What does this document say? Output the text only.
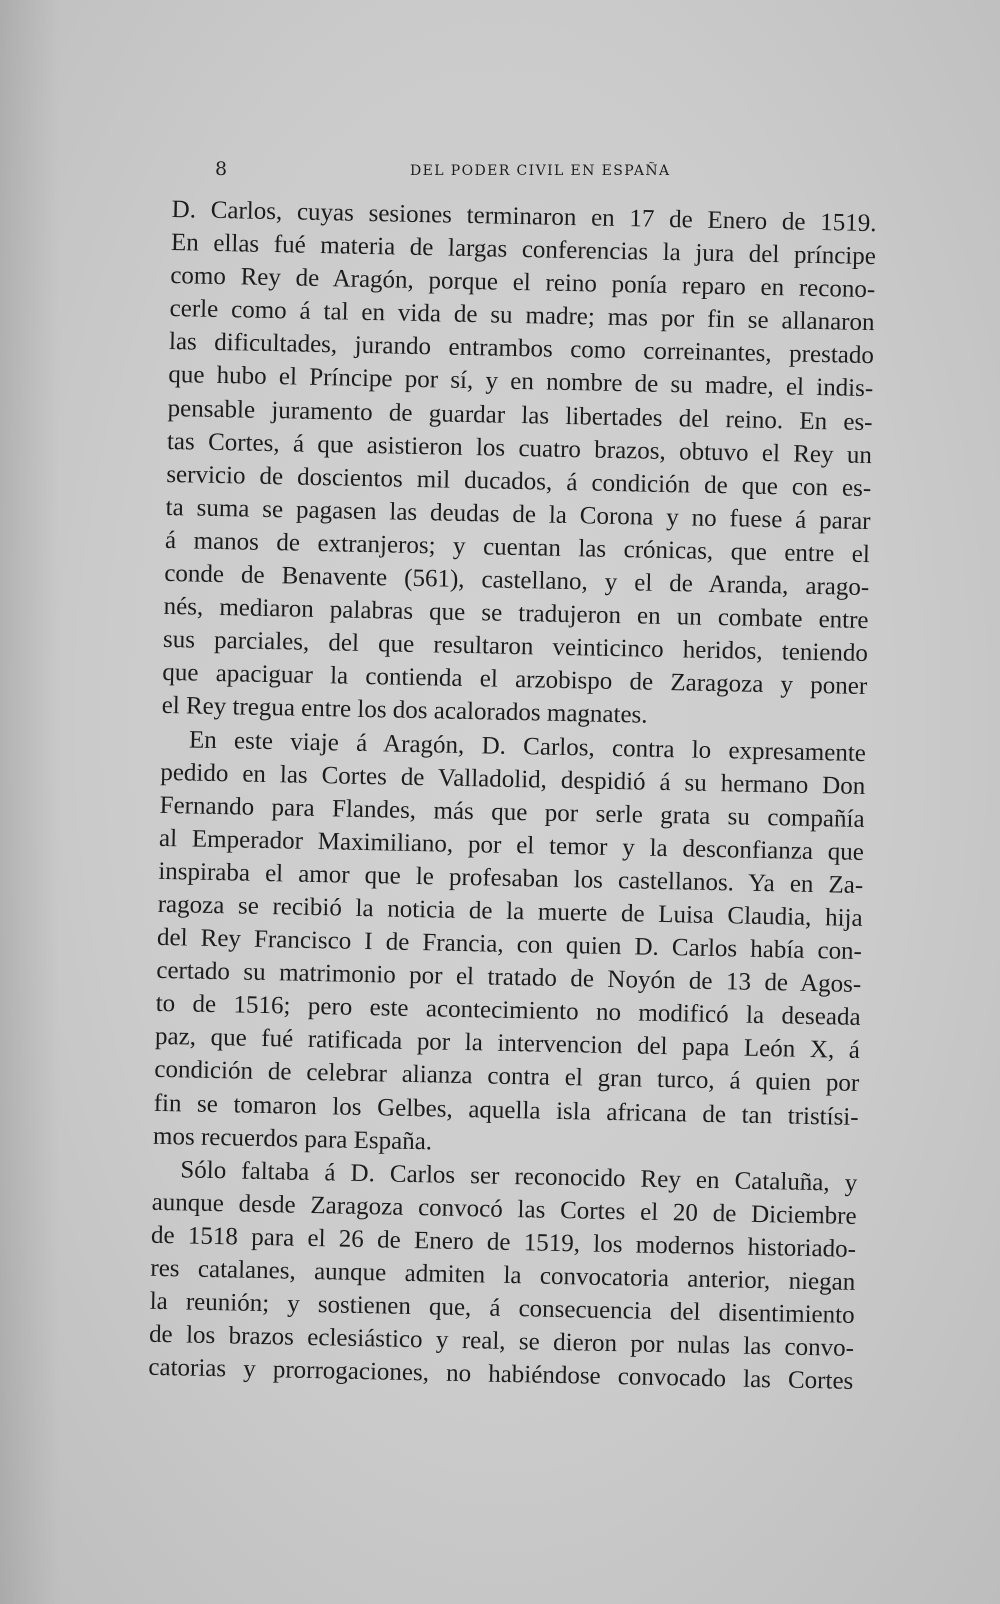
8	DEL PODER CIVIL EN ESPAÑA
D. Carlos, cuyas sesiones terminaron en 17 de Enero de 1519.
En ellas fué materia de largas conferencias la jura del príncipe
como Rey de Aragón, porque el reino ponía reparo en recono-
cerle como á tal en vida de su madre; mas por fin se allanaron
las dificultades, jurando entrambos como correinantes, prestado
que hubo el Príncipe por sí, y en nombre de su madre, el indis-
pensable juramento de guardar las libertades del reino. En es-
tas Cortes, á que asistieron los cuatro brazos, obtuvo el Rey un
servicio de doscientos mil ducados, á condición de que con es-
ta suma se pagasen las deudas de la Corona y no fuese á parar
á manos de extranjeros; y cuentan las crónicas, que entre el
conde de Benavente (561), castellano, y el de Aranda, arago-
nés, mediaron palabras que se tradujeron en un combate entre
sus parciales, del que resultaron veinticinco heridos, teniendo
que apaciguar la contienda el arzobispo de Zaragoza y poner
el Rey tregua entre los dos acalorados magnates.
En este viaje á Aragón, D. Carlos, contra lo expresamente
pedido en las Cortes de Valladolid, despidió á su hermano Don
Fernando para Flandes, más que por serle grata su compañía
al Emperador Maximiliano, por el temor y la desconfianza que
inspiraba el amor que le profesaban los castellanos. Ya en Za-
ragoza se recibió la noticia de la muerte de Luisa Claudia, hija
del Rey Francisco I de Francia, con quien D. Carlos había con-
certado su matrimonio por el tratado de Noyón de 13 de Agos-
to de 1516; pero este acontecimiento no modificó la deseada
paz, que fué ratificada por la intervencion del papa León X, á
condición de celebrar alianza contra el gran turco, á quien por
fin se tomaron los Gelbes, aquella isla africana de tan tristísi-
mos recuerdos para España.
Sólo faltaba á D. Carlos ser reconocido Rey en Cataluña, y
aunque desde Zaragoza convocó las Cortes el 20 de Diciembre
de 1518 para el 26 de Enero de 1519, los modernos historiado-
res catalanes, aunque admiten la convocatoria anterior, niegan
la reunión; y sostienen que, á consecuencia del disentimiento
de los brazos eclesiástico y real, se dieron por nulas las convo-
catorias y prorrogaciones, no habiéndose convocado las Cortes
